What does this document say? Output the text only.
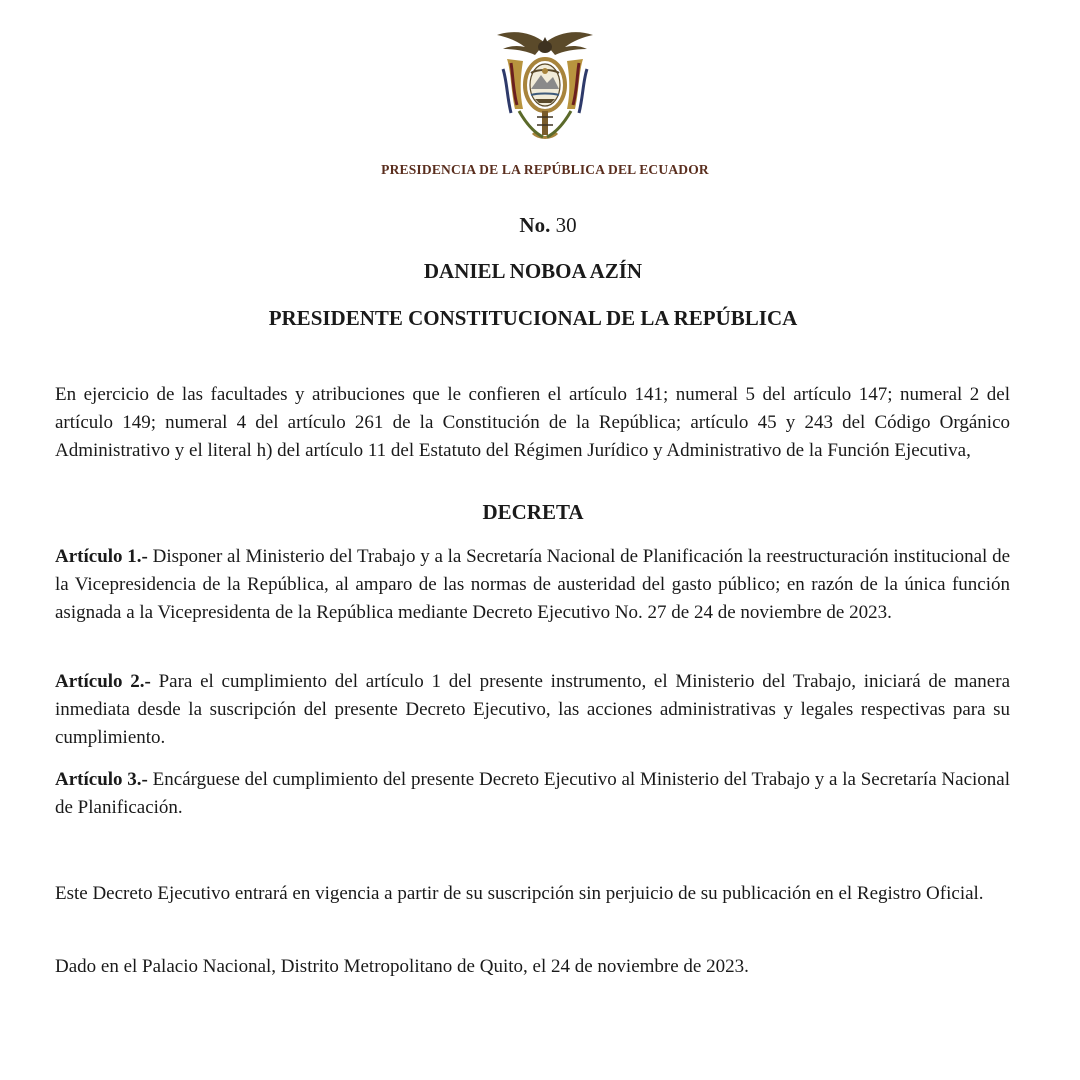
PRESIDENCIA DE LA REPÚBLICA DEL ECUADOR
No. 30
DANIEL NOBOA AZÍN
PRESIDENTE CONSTITUCIONAL DE LA REPÚBLICA

En ejercicio de las facultades y atribuciones que le confieren el artículo 141; numeral 5 del artículo 147; numeral 2 del artículo 149; numeral 4 del artículo 261 de la Constitución de la República; artículo 45 y 243 del Código Orgánico Administrativo y el literal h) del artículo 11 del Estatuto del Régimen Jurídico y Administrativo de la Función Ejecutiva,

DECRETA

Artículo 1.- Disponer al Ministerio del Trabajo y a la Secretaría Nacional de Planificación la reestructuración institucional de la Vicepresidencia de la República, al amparo de las normas de austeridad del gasto público; en razón de la única función asignada a la Vicepresidenta de la República mediante Decreto Ejecutivo No. 27 de 24 de noviembre de 2023.

Artículo 2.- Para el cumplimiento del artículo 1 del presente instrumento, el Ministerio del Trabajo, iniciará de manera inmediata desde la suscripción del presente Decreto Ejecutivo, las acciones administrativas y legales respectivas para su cumplimiento.

Artículo 3.- Encárguese del cumplimiento del presente Decreto Ejecutivo al Ministerio del Trabajo y a la Secretaría Nacional de Planificación.

Este Decreto Ejecutivo entrará en vigencia a partir de su suscripción sin perjuicio de su publicación en el Registro Oficial.

Dado en el Palacio Nacional, Distrito Metropolitano de Quito, el 24 de noviembre de 2023.
